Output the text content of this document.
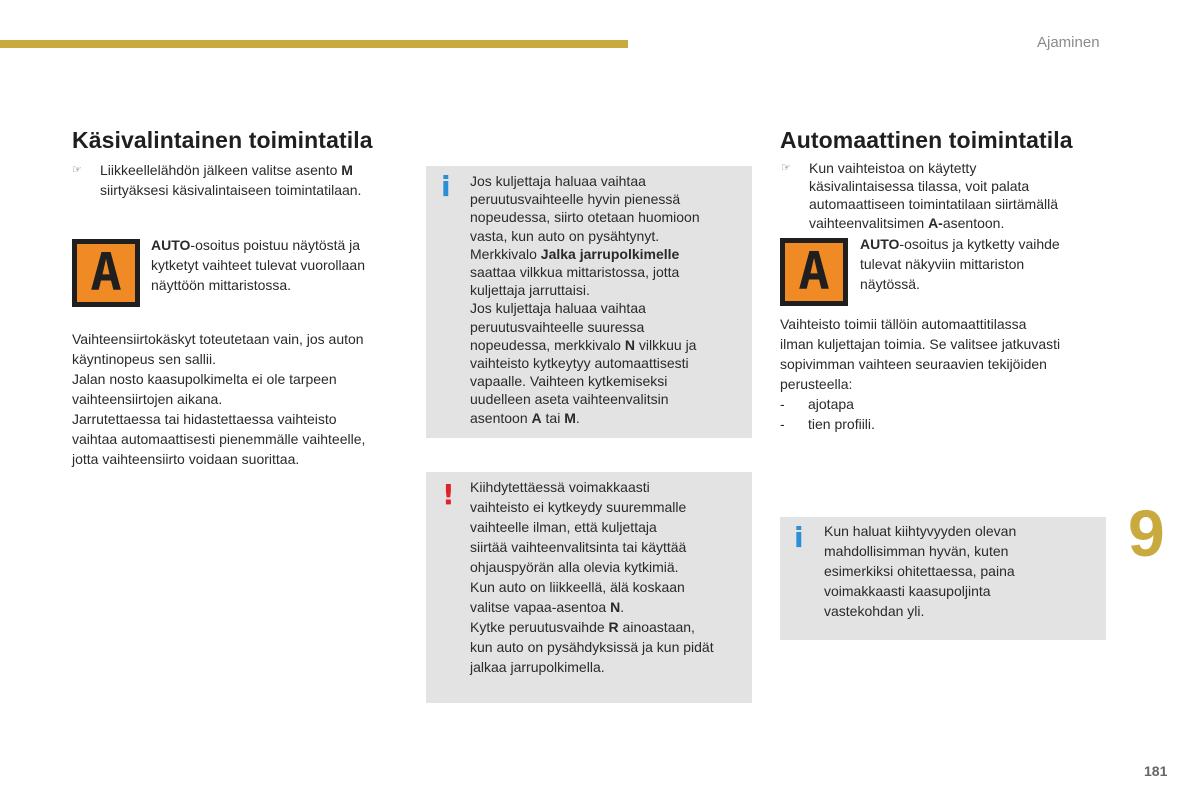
Ajaminen
Käsivalintainen toimintatila
☞ Liikkeellelähdön jälkeen valitse asento M
siirtyäksesi käsivalintaiseen toimintatilaan.
A AUTO-osoitus poistuu näytöstä ja
kytketyt vaihteet tulevat vuorollaan
näyttöön mittaristossa.
Vaihteensiirtokäskyt toteutetaan vain, jos auton
käyntinopeus sen sallii.
Jalan nosto kaasupolkimelta ei ole tarpeen
vaihteensiirtojen aikana.
Jarrutettaessa tai hidastettaessa vaihteisto
vaihtaa automaattisesti pienemmälle vaihteelle,
jotta vaihteensiirto voidaan suorittaa.
i Jos kuljettaja haluaa vaihtaa
peruutusvaihteelle hyvin pienessä
nopeudessa, siirto otetaan huomioon
vasta, kun auto on pysähtynyt.
Merkkivalo Jalka jarrupolkimelle
saattaa vilkkua mittaristossa, jotta
kuljettaja jarruttaisi.
Jos kuljettaja haluaa vaihtaa
peruutusvaihteelle suuressa
nopeudessa, merkkivalo N vilkkuu ja
vaihteisto kytkeytyy automaattisesti
vapaalle. Vaihteen kytkemiseksi
uudelleen aseta vaihteenvalitsin
asentoon A tai M.
! Kiihdytettäessä voimakkaasti
vaihteisto ei kytkeydy suuremmalle
vaihteelle ilman, että kuljettaja
siirtää vaihteenvalitsinta tai käyttää
ohjauspyörän alla olevia kytkimiä.
Kun auto on liikkeellä, älä koskaan
valitse vapaa-asentoa N.
Kytke peruutusvaihde R ainoastaan,
kun auto on pysähdyksissä ja kun pidät
jalkaa jarrupolkimella.
Automaattinen toimintatila
☞ Kun vaihteistoa on käytetty
käsivalintaisessa tilassa, voit palata
automaattiseen toimintatilaan siirtämällä
vaihteenvalitsimen A-asentoon.
A AUTO-osoitus ja kytketty vaihde
tulevat näkyviin mittariston
näytössä.
Vaihteisto toimii tällöin automaattitilassa
ilman kuljettajan toimia. Se valitsee jatkuvasti
sopivimman vaihteen seuraavien tekijöiden
perusteella:
- ajotapa
- tien profiili.
i Kun haluat kiihtyvyyden olevan
mahdollisimman hyvän, kuten
esimerkiksi ohitettaessa, paina
voimakkaasti kaasupoljinta
vastekohdan yli.
9
181
